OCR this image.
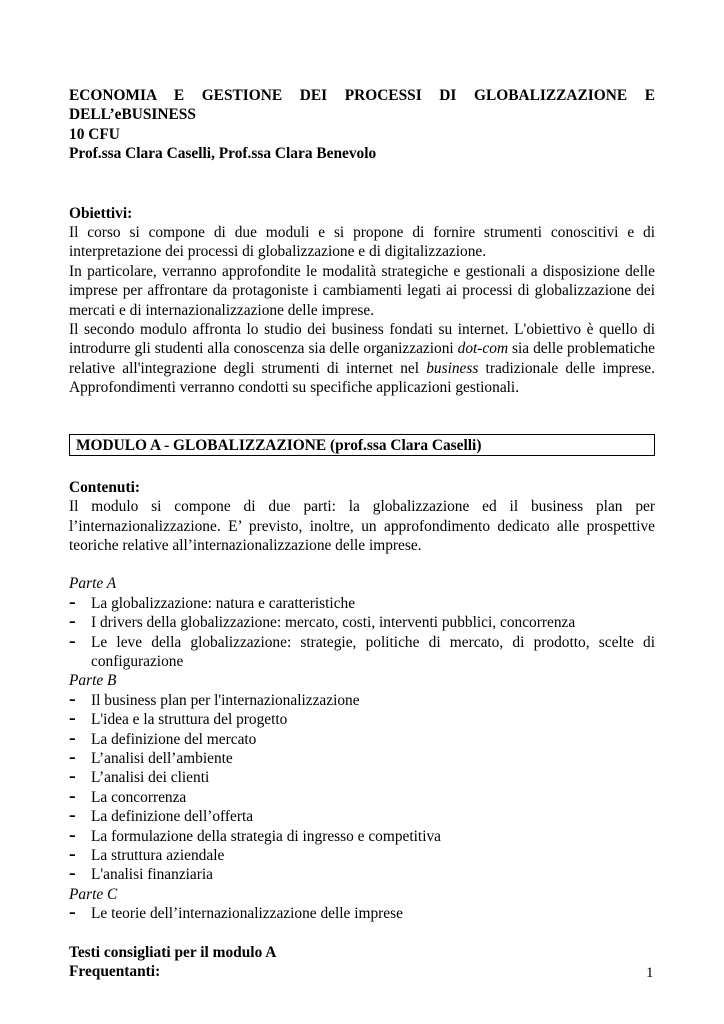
ECONOMIA E GESTIONE DEI PROCESSI DI GLOBALIZZAZIONE E

DELL’eBUSINESS

10 CFU

Prof.ssa Clara Caselli, Prof.ssa Clara Benevolo

Obiettivi:

Il corso si compone di due moduli e si propone di fornire strumenti conoscitivi e di interpretazione dei processi di globalizzazione e di digitalizzazione.

In particolare, verranno approfondite le modalità strategiche e gestionali a disposizione delle imprese per affrontare da protagoniste i cambiamenti legati ai processi di globalizzazione dei mercati e di internazionalizzazione delle imprese.

Il secondo modulo affronta lo studio dei business fondati su internet. L'obiettivo è quello di introdurre gli studenti alla conoscenza sia delle organizzazioni dot-com sia delle problematiche relative all'integrazione degli strumenti di internet nel business tradizionale delle imprese. Approfondimenti verranno condotti su specifiche applicazioni gestionali.

MODULO A - GLOBALIZZAZIONE (prof.ssa Clara Caselli)

Contenuti:

Il modulo si compone di due parti: la globalizzazione ed il business plan per l’internazionalizzazione. E’ previsto, inoltre, un approfondimento dedicato alle prospettive teoriche relative all’internazionalizzazione delle imprese.

Parte A

- La globalizzazione: natura e caratteristiche
- I drivers della globalizzazione: mercato, costi, interventi pubblici, concorrenza
- Le leve della globalizzazione: strategie, politiche di mercato, di prodotto, scelte di configurazione

Parte B

- Il business plan per l'internazionalizzazione
- L'idea e la struttura del progetto
- La definizione del mercato
- L’analisi dell’ambiente
- L’analisi dei clienti
- La concorrenza
- La definizione dell’offerta
- La formulazione della strategia di ingresso e competitiva
- La struttura aziendale
- L'analisi finanziaria

Parte C

- Le teorie dell’internazionalizzazione delle imprese

Testi consigliati per il modulo A

Frequentanti:	1
